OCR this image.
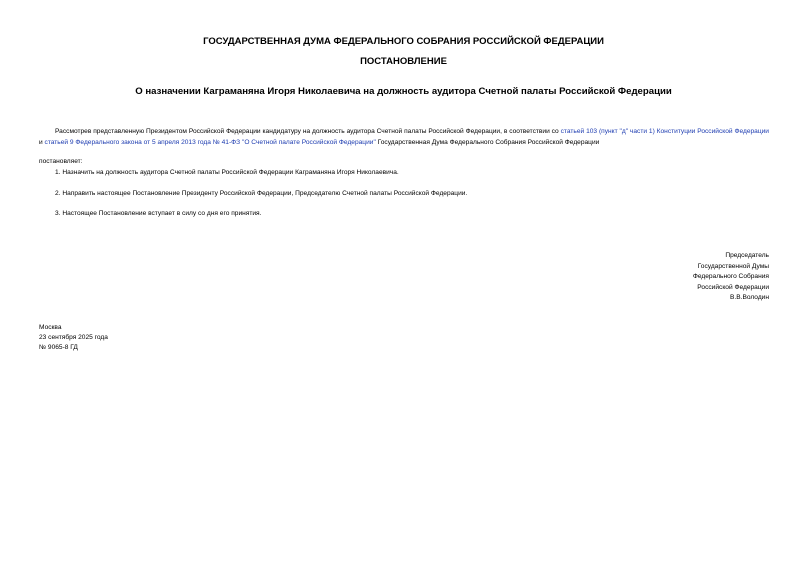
ГОСУДАРСТВЕННАЯ ДУМА ФЕДЕРАЛЬНОГО СОБРАНИЯ РОССИЙСКОЙ ФЕДЕРАЦИИ
ПОСТАНОВЛЕНИЕ
О назначении Каграманяна Игоря Николаевича на должность аудитора Счетной палаты Российской Федерации
Рассмотрев представленную Президентом Российской Федерации кандидатуру на должность аудитора Счетной палаты Российской Федерации, в соответствии со статьей 103 (пункт "д" части 1) Конституции Российской Федерации и статьей 9 Федерального закона от 5 апреля 2013 года № 41-ФЗ "О Счетной палате Российской Федерации" Государственная Дума Федерального Собрания Российской Федерации
постановляет:
1. Назначить на должность аудитора Счетной палаты Российской Федерации Каграманяна Игоря Николаевича.
2. Направить настоящее Постановление Президенту Российской Федерации, Председателю Счетной палаты Российской Федерации.
3. Настоящее Постановление вступает в силу со дня его принятия.
Председатель
Государственной Думы
Федерального Собрания
Российской Федерации
В.В.Володин
Москва
23 сентября 2025 года
№ 9065-8 ГД
